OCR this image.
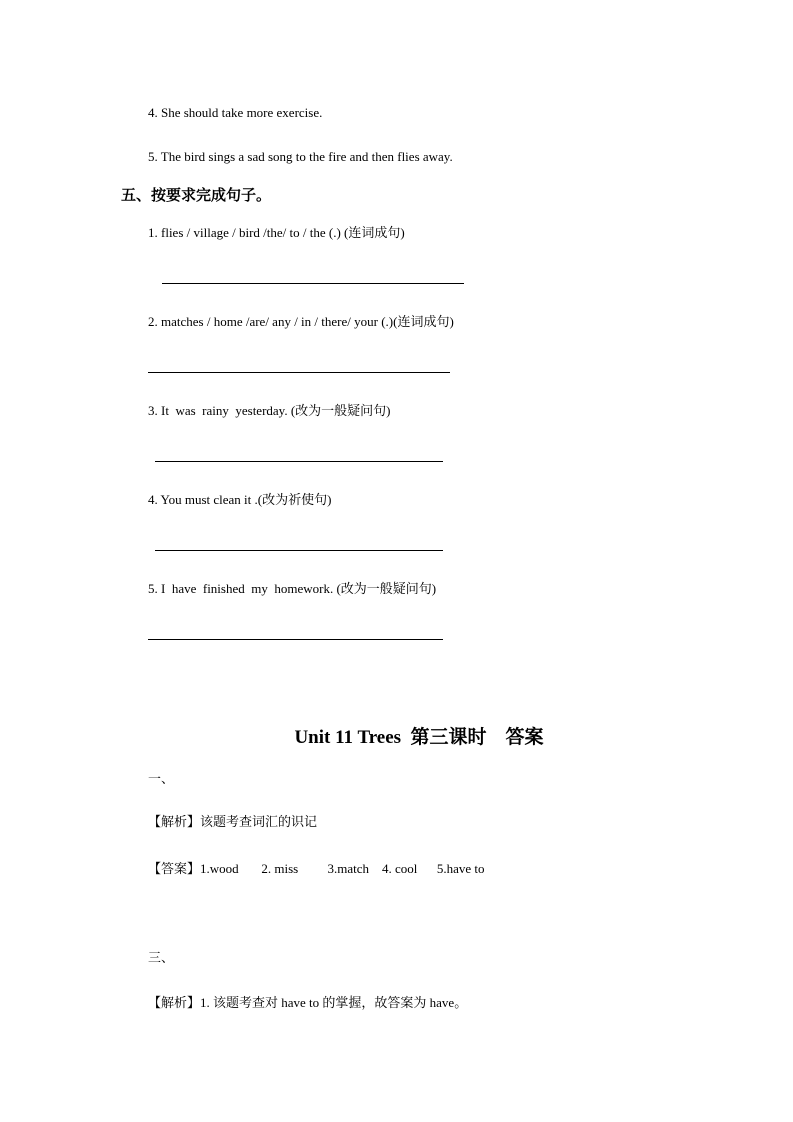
4. She should take more exercise.
5. The bird sings a sad song to the fire and then flies away.
五、按要求完成句子。
1. flies / village / bird /the/ to / the (.) (连词成句)
2. matches / home /are/ any / in / there/ your (.)(连词成句)
3. It  was  rainy  yesterday. (改为一般疑问句)
4. You must clean it .(改为祈使句)
5. I  have  finished  my  homework. (改为一般疑问句)
Unit 11 Trees  第三课时    答案
一、
【解析】该题考查词汇的识记
【答案】1.wood       2. miss         3.match    4. cool      5.have to
三、
【解析】1. 该题考查对 have to 的掌握，故答案为 have。
